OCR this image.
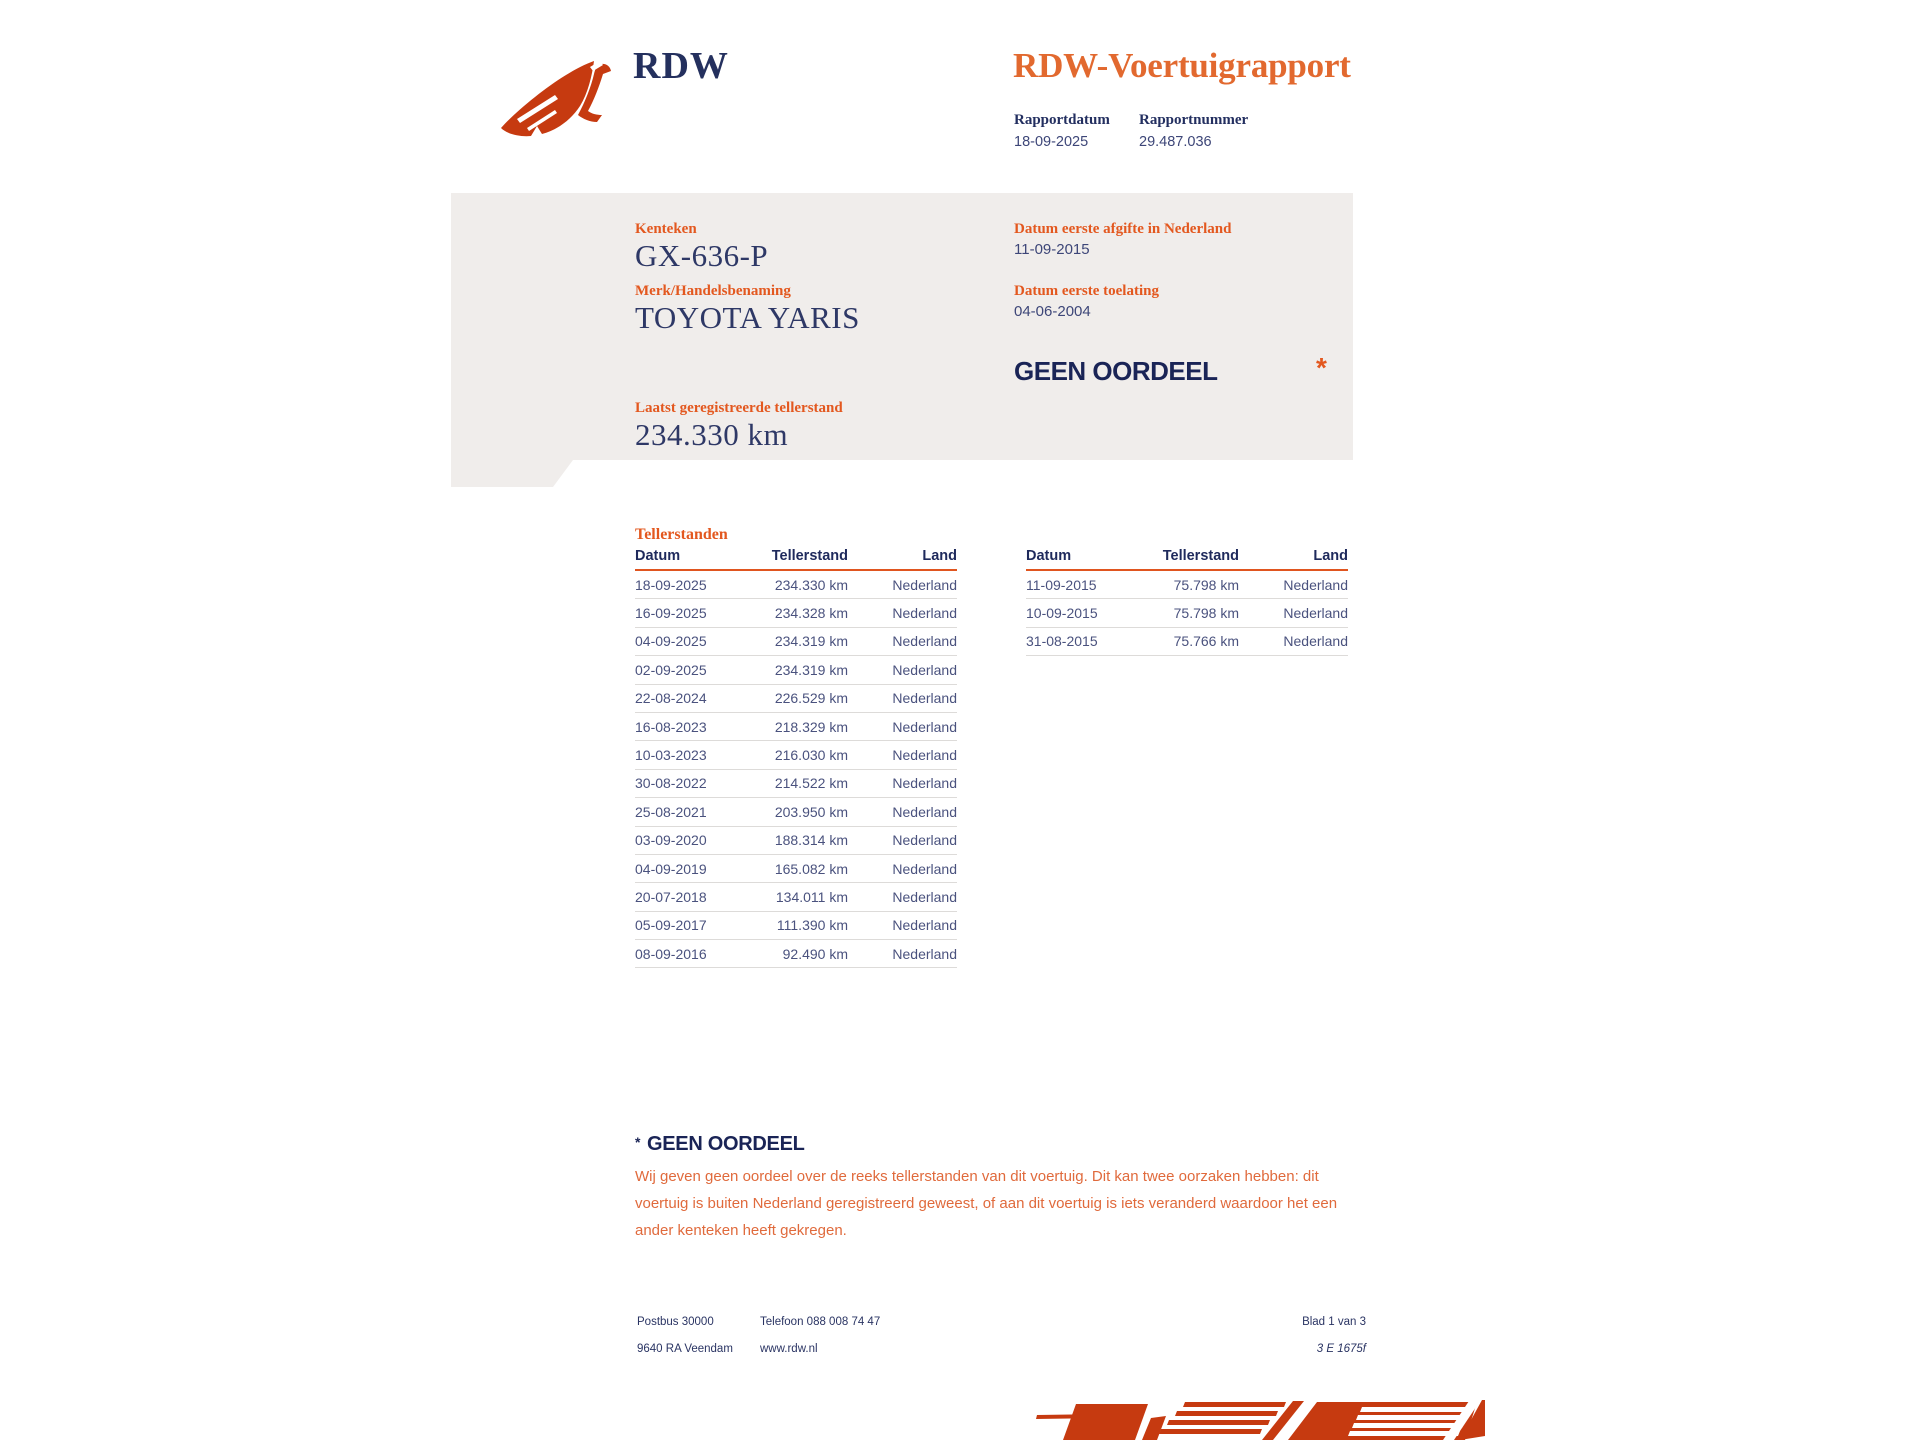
RDW	RDW-Voertuigrapport
Rapportdatum Rapportnummer
18-09-2025	29.487.036
Kenteken
GX-636-P
Merk/Handelsbenaming
TOYOTA YARIS
Laatst geregistreerde tellerstand
234.330 km
Datum eerste afgifte in Nederland
11-09-2015
Datum eerste toelating
04-06-2004
GEEN OORDEEL	*
Tellerstanden
Datum	Tellerstand	Land
18-09-2025	234.330 km	Nederland
16-09-2025	234.328 km	Nederland
04-09-2025	234.319 km	Nederland
02-09-2025	234.319 km	Nederland
22-08-2024	226.529 km	Nederland
16-08-2023	218.329 km	Nederland
10-03-2023	216.030 km	Nederland
30-08-2022	214.522 km	Nederland
25-08-2021	203.950 km	Nederland
03-09-2020	188.314 km	Nederland
04-09-2019	165.082 km	Nederland
20-07-2018	134.011 km	Nederland
05-09-2017	111.390 km	Nederland
08-09-2016	92.490 km	Nederland
Datum	Tellerstand	Land
11-09-2015	75.798 km	Nederland
10-09-2015	75.798 km	Nederland
31-08-2015	75.766 km	Nederland
* GEEN OORDEEL
Wij geven geen oordeel over de reeks tellerstanden van dit voertuig. Dit kan twee oorzaken hebben: dit voertuig is buiten Nederland geregistreerd geweest, of aan dit voertuig is iets veranderd waardoor het een ander kenteken heeft gekregen.
Postbus 30000
9640 RA Veendam
Telefoon 088 008 74 47
www.rdw.nl
Blad 1 van 3
3 E 1675f
